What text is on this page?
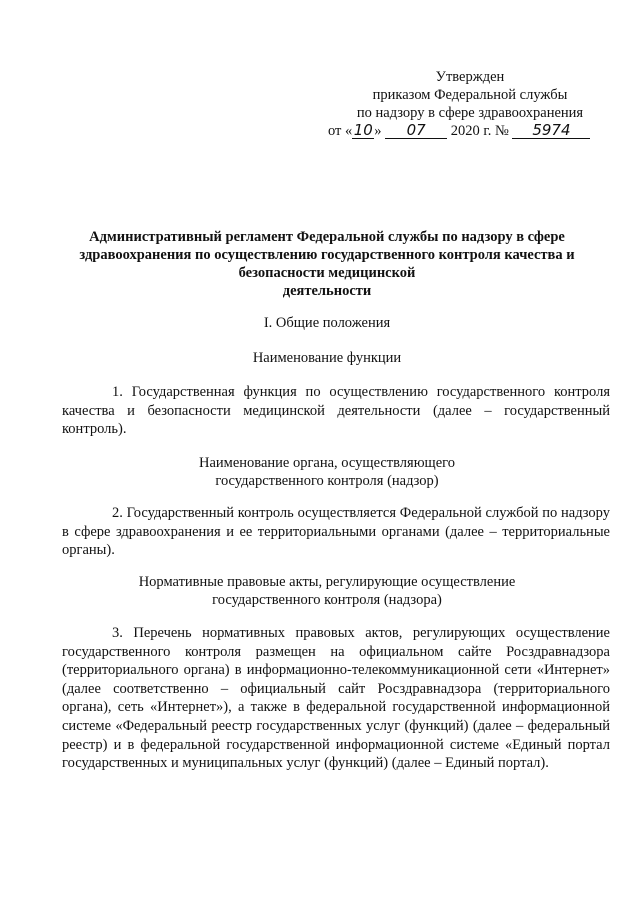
Утвержден
приказом Федеральной службы
по надзору в сфере здравоохранения
от «10» 07 2020 г. № 5974
Административный регламент Федеральной службы по надзору в сфере
здравоохранения по осуществлению государственного контроля качества и
безопасности медицинской
деятельности
I. Общие положения
Наименование функции
1. Государственная функция по осуществлению государственного контроля качества и безопасности медицинской деятельности (далее – государственный контроль).
Наименование органа, осуществляющего
государственного контроля (надзор)
2. Государственный контроль осуществляется Федеральной службой по надзору в сфере здравоохранения и ее территориальными органами (далее – территориальные органы).
Нормативные правовые акты, регулирующие осуществление
государственного контроля (надзора)
3. Перечень нормативных правовых актов, регулирующих осуществление государственного контроля размещен на официальном сайте Росздравнадзора (территориального органа) в информационно-телекоммуникационной сети «Интернет» (далее соответственно – официальный сайт Росздравнадзора (территориального органа), сеть «Интернет»), а также в федеральной государственной информационной системе «Федеральный реестр государственных услуг (функций) (далее – федеральный реестр) и в федеральной государственной информационной системе «Единый портал государственных и муниципальных услуг (функций) (далее – Единый портал).
